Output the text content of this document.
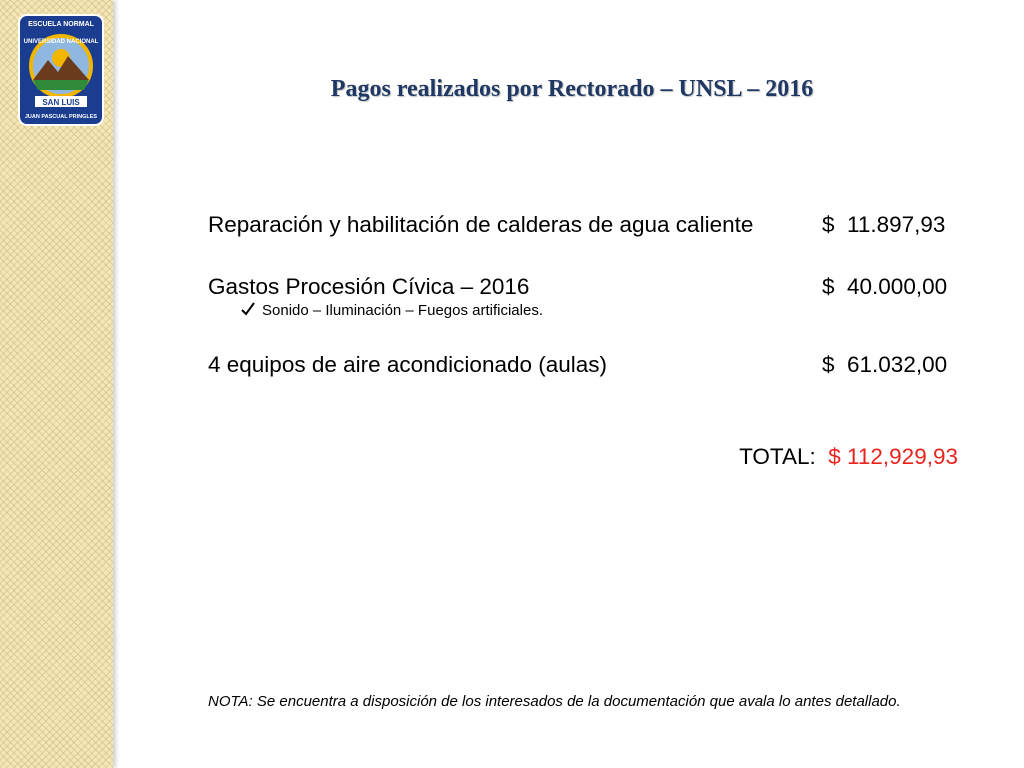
ESCUELA NORMAL
UNIVERSIDAD NACIONAL
SAN LUIS
JUAN PASCUAL PRINGLES
Pagos realizados por Rectorado – UNSL – 2016
Reparación y habilitación de calderas de agua caliente	$  11.897,93
Gastos Procesión Cívica – 2016	$  40.000,00
Sonido – Iluminación – Fuegos artificiales.
4 equipos de aire acondicionado (aulas)	$  61.032,00
TOTAL: $ 112,929,93
NOTA: Se encuentra a disposición de los interesados de la documentación que avala lo antes detallado.
